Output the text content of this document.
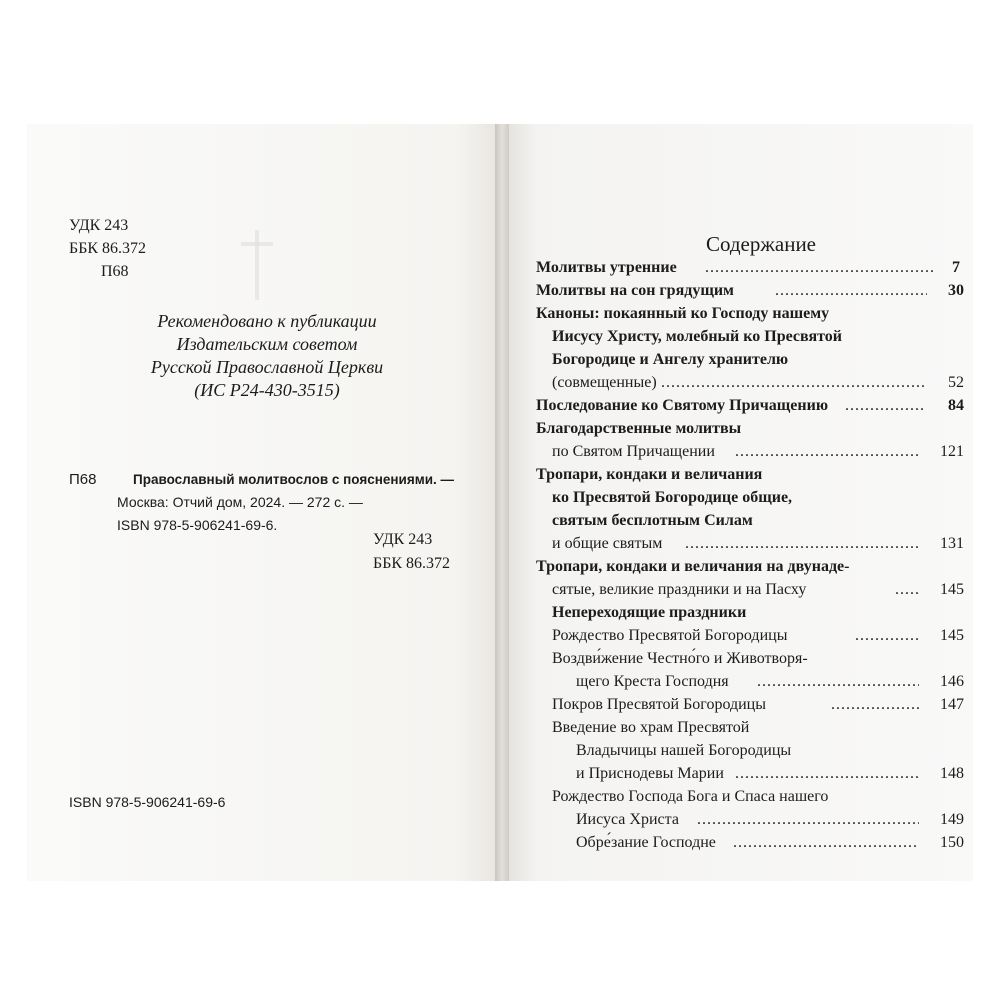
УДК 243
ББК 86.372
П68
Рекомендовано к публикации
Издательским советом
Русской Православной Церкви
(ИС Р24-430-3515)
П68	Православный молитвослов с пояснениями. —
Москва: Отчий дом, 2024. — 272 с. —
ISBN 978-5-906241-69-6.
УДК 243
ББК 86.372
ISBN 978-5-906241-69-6
Содержание
Молитвы утренние .....	7
Молитвы на сон грядущим .....	30
Каноны: покаянный ко Господу нашему
Иисусу Христу, молебный ко Пресвятой
Богородице и Ангелу хранителю
(совмещенные) .....	52
Последование ко Святому Причащению .....	84
Благодарственные молитвы
по Святом Причащении .....	121
Тропари, кондаки и величания
ко Пресвятой Богородице общие,
святым бесплотным Силам
и общие святым .....	131
Тропари, кондаки и величания на двунаде-
сятые, великие праздники и на Пасху .....	145
Непереходящие праздники
Рождество Пресвятой Богородицы .....	145
Воздви́жение Честно́го и Животворя-
щего Креста Господня .....	146
Покров Пресвятой Богородицы .....	147
Введение во храм Пресвятой
Владычицы нашей Богородицы
и Приснодевы Марии .....	148
Рождество Господа Бога и Спаса нашего
Иисуса Христа .....	149
Обре́зание Господне .....	150
